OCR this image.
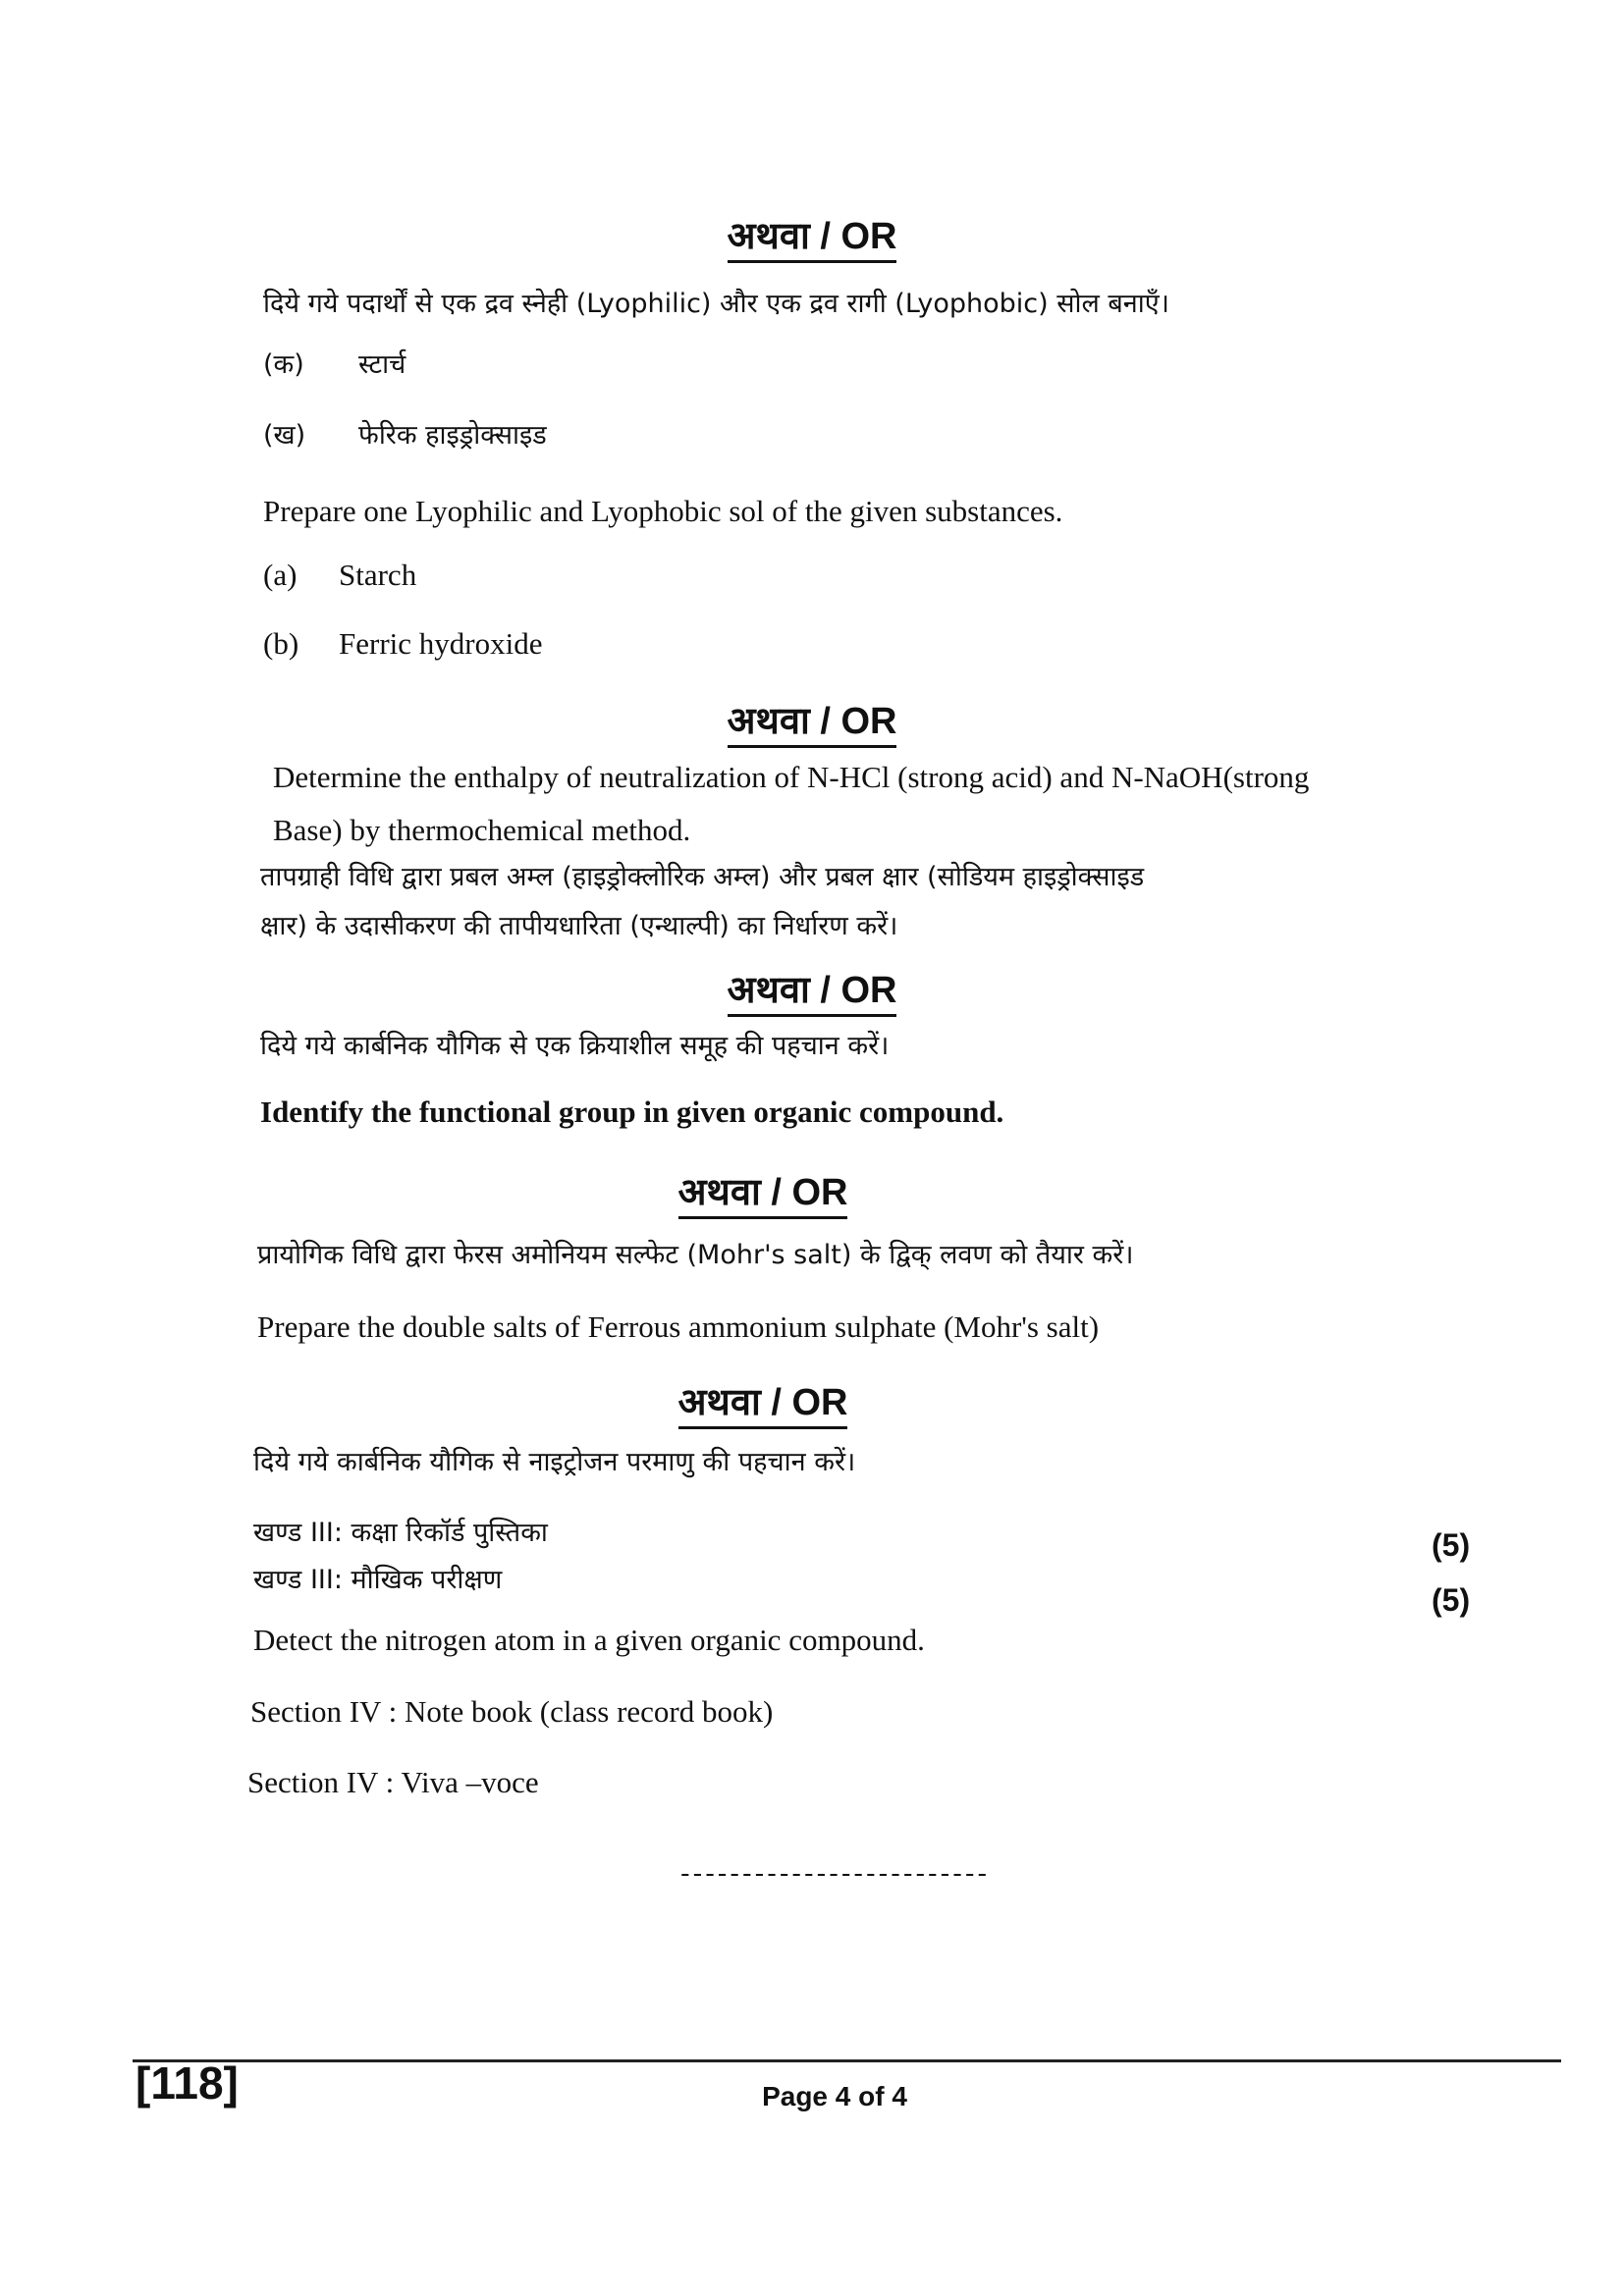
अथवा / OR
दिये गये पदार्थों से एक द्रव स्नेही (Lyophilic) और एक द्रव रागी (Lyophobic) सोल बनाएँ।
(क) स्टार्च
(ख) फेरिक हाइड्रोक्साइड
Prepare one Lyophilic and Lyophobic sol of the given substances.
(a) Starch
(b) Ferric hydroxide
अथवा / OR
Determine the enthalpy of neutralization of N-HCl (strong acid) and N-NaOH(strong
Base) by thermochemical method.
तापग्राही विधि द्वारा प्रबल अम्ल (हाइड्रोक्लोरिक अम्ल) और प्रबल क्षार (सोडियम हाइड्रोक्साइड
क्षार) के उदासीकरण की तापीयधारिता (एन्थाल्पी) का निर्धारण करें।
अथवा / OR
दिये गये कार्बनिक यौगिक से एक क्रियाशील समूह की पहचान करें।
Identify the functional group in given organic compound.
अथवा / OR
प्रायोगिक विधि द्वारा फेरस अमोनियम सल्फेट (Mohr's salt) के द्विक् लवण को तैयार करें।
Prepare the double salts of Ferrous ammonium sulphate (Mohr's salt)
अथवा / OR
दिये गये कार्बनिक यौगिक से नाइट्रोजन परमाणु की पहचान करें।
खण्ड III: कक्षा रिकॉर्ड पुस्तिका	(5)
खण्ड III: मौखिक परीक्षण
(5)
Detect the nitrogen atom in a given organic compound.
Section IV : Note book (class record book)
Section IV : Viva –voce
-------------------------
[118]	Page 4 of 4
